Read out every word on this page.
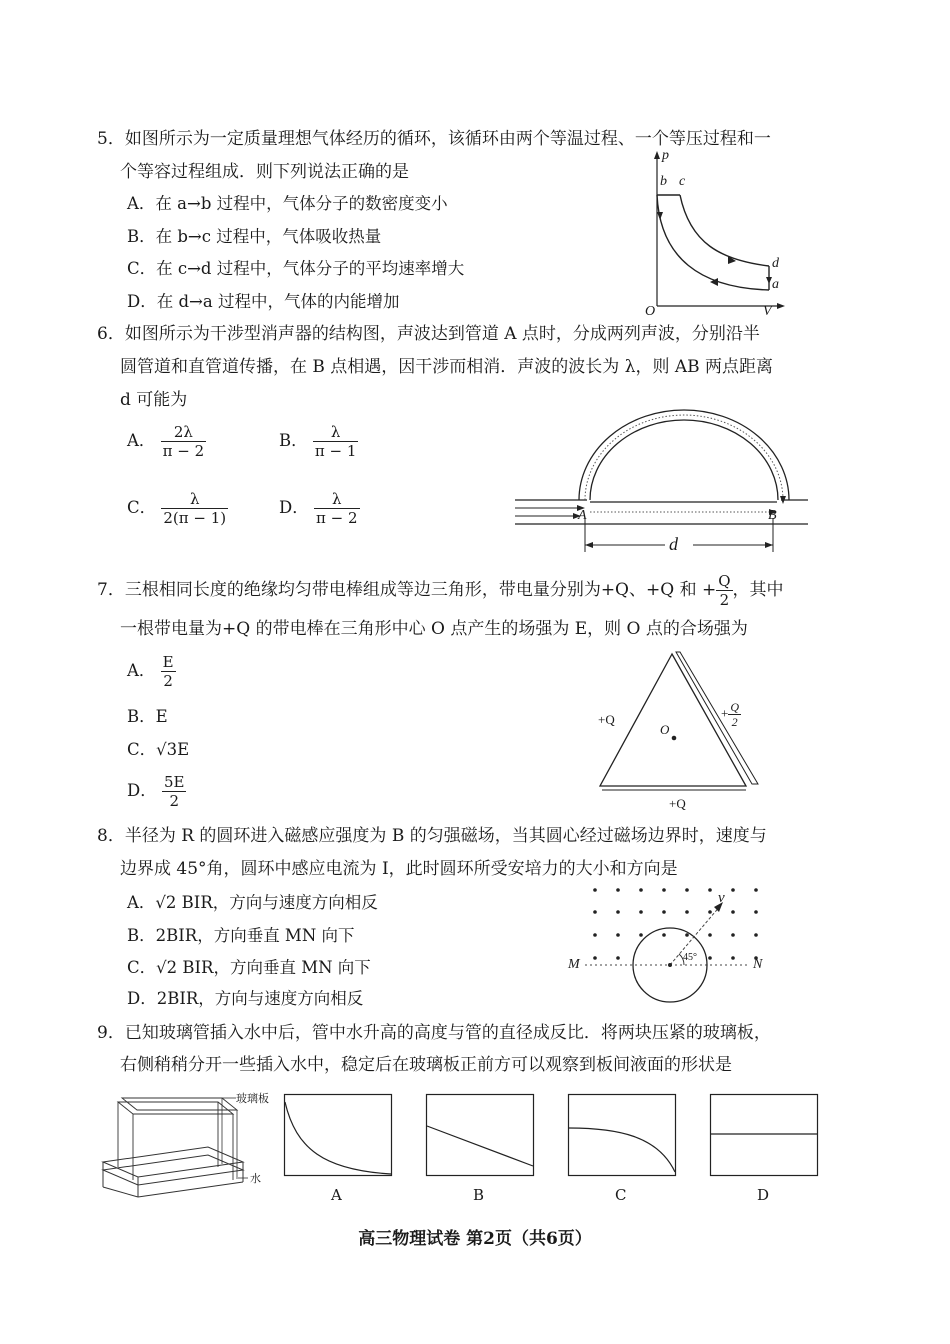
5．如图所示为一定质量理想气体经历的循环，该循环由两个等温过程、一个等压过程和一
个等容过程组成．则下列说法正确的是
A．在 a→b 过程中，气体分子的数密度变小
B．在 b→c 过程中，气体吸收热量
C．在 c→d 过程中，气体分子的平均速率增大
D．在 d→a 过程中，气体的内能增加
p
V
O
b c
d
a
6．如图所示为干涉型消声器的结构图，声波达到管道 A 点时，分成两列声波，分别沿半
圆管道和直管道传播，在 B 点相遇，因干涉而相消．声波的波长为 λ，则 AB 两点距离
d 可能为
A． $\frac{2\lambda}{\pi - 2}$	B． $\frac{\lambda}{\pi - 1}$
C． $\frac{\lambda}{2(\pi - 1)}$	D． $\frac{\lambda}{\pi - 2}$	A	B
d
7．三根相同长度的绝缘均匀带电棒组成等边三角形，带电量分别为+Q、+Q 和 + $\frac{Q}{2}$ ，其中
一根带电量为+Q 的带电棒在三角形中心 O 点产生的场强为 E，则 O 点的合场强为
A． $\frac{E}{2}$
B．E
C．√3E
D． $\frac{5E}{2}$
+Q
O
+Q
+ $\frac{Q}{2}$
8．半径为 R 的圆环进入磁感应强度为 B 的匀强磁场，当其圆心经过磁场边界时，速度与
边界成 45°角，圆环中感应电流为 I，此时圆环所受安培力的大小和方向是
A．√2 BIR，方向与速度方向相反
B．2BIR，方向垂直 MN 向下
C．√2 BIR，方向垂直 MN 向下
D．2BIR，方向与速度方向相反
M	N
v
45°
9．已知玻璃管插入水中后，管中水升高的高度与管的直径成反比．将两块压紧的玻璃板，
右侧稍稍分开一些插入水中，稳定后在玻璃板正前方可以观察到板间液面的形状是
玻璃板
水
A	B	C	D
高三物理试卷 第2页（共6页）
